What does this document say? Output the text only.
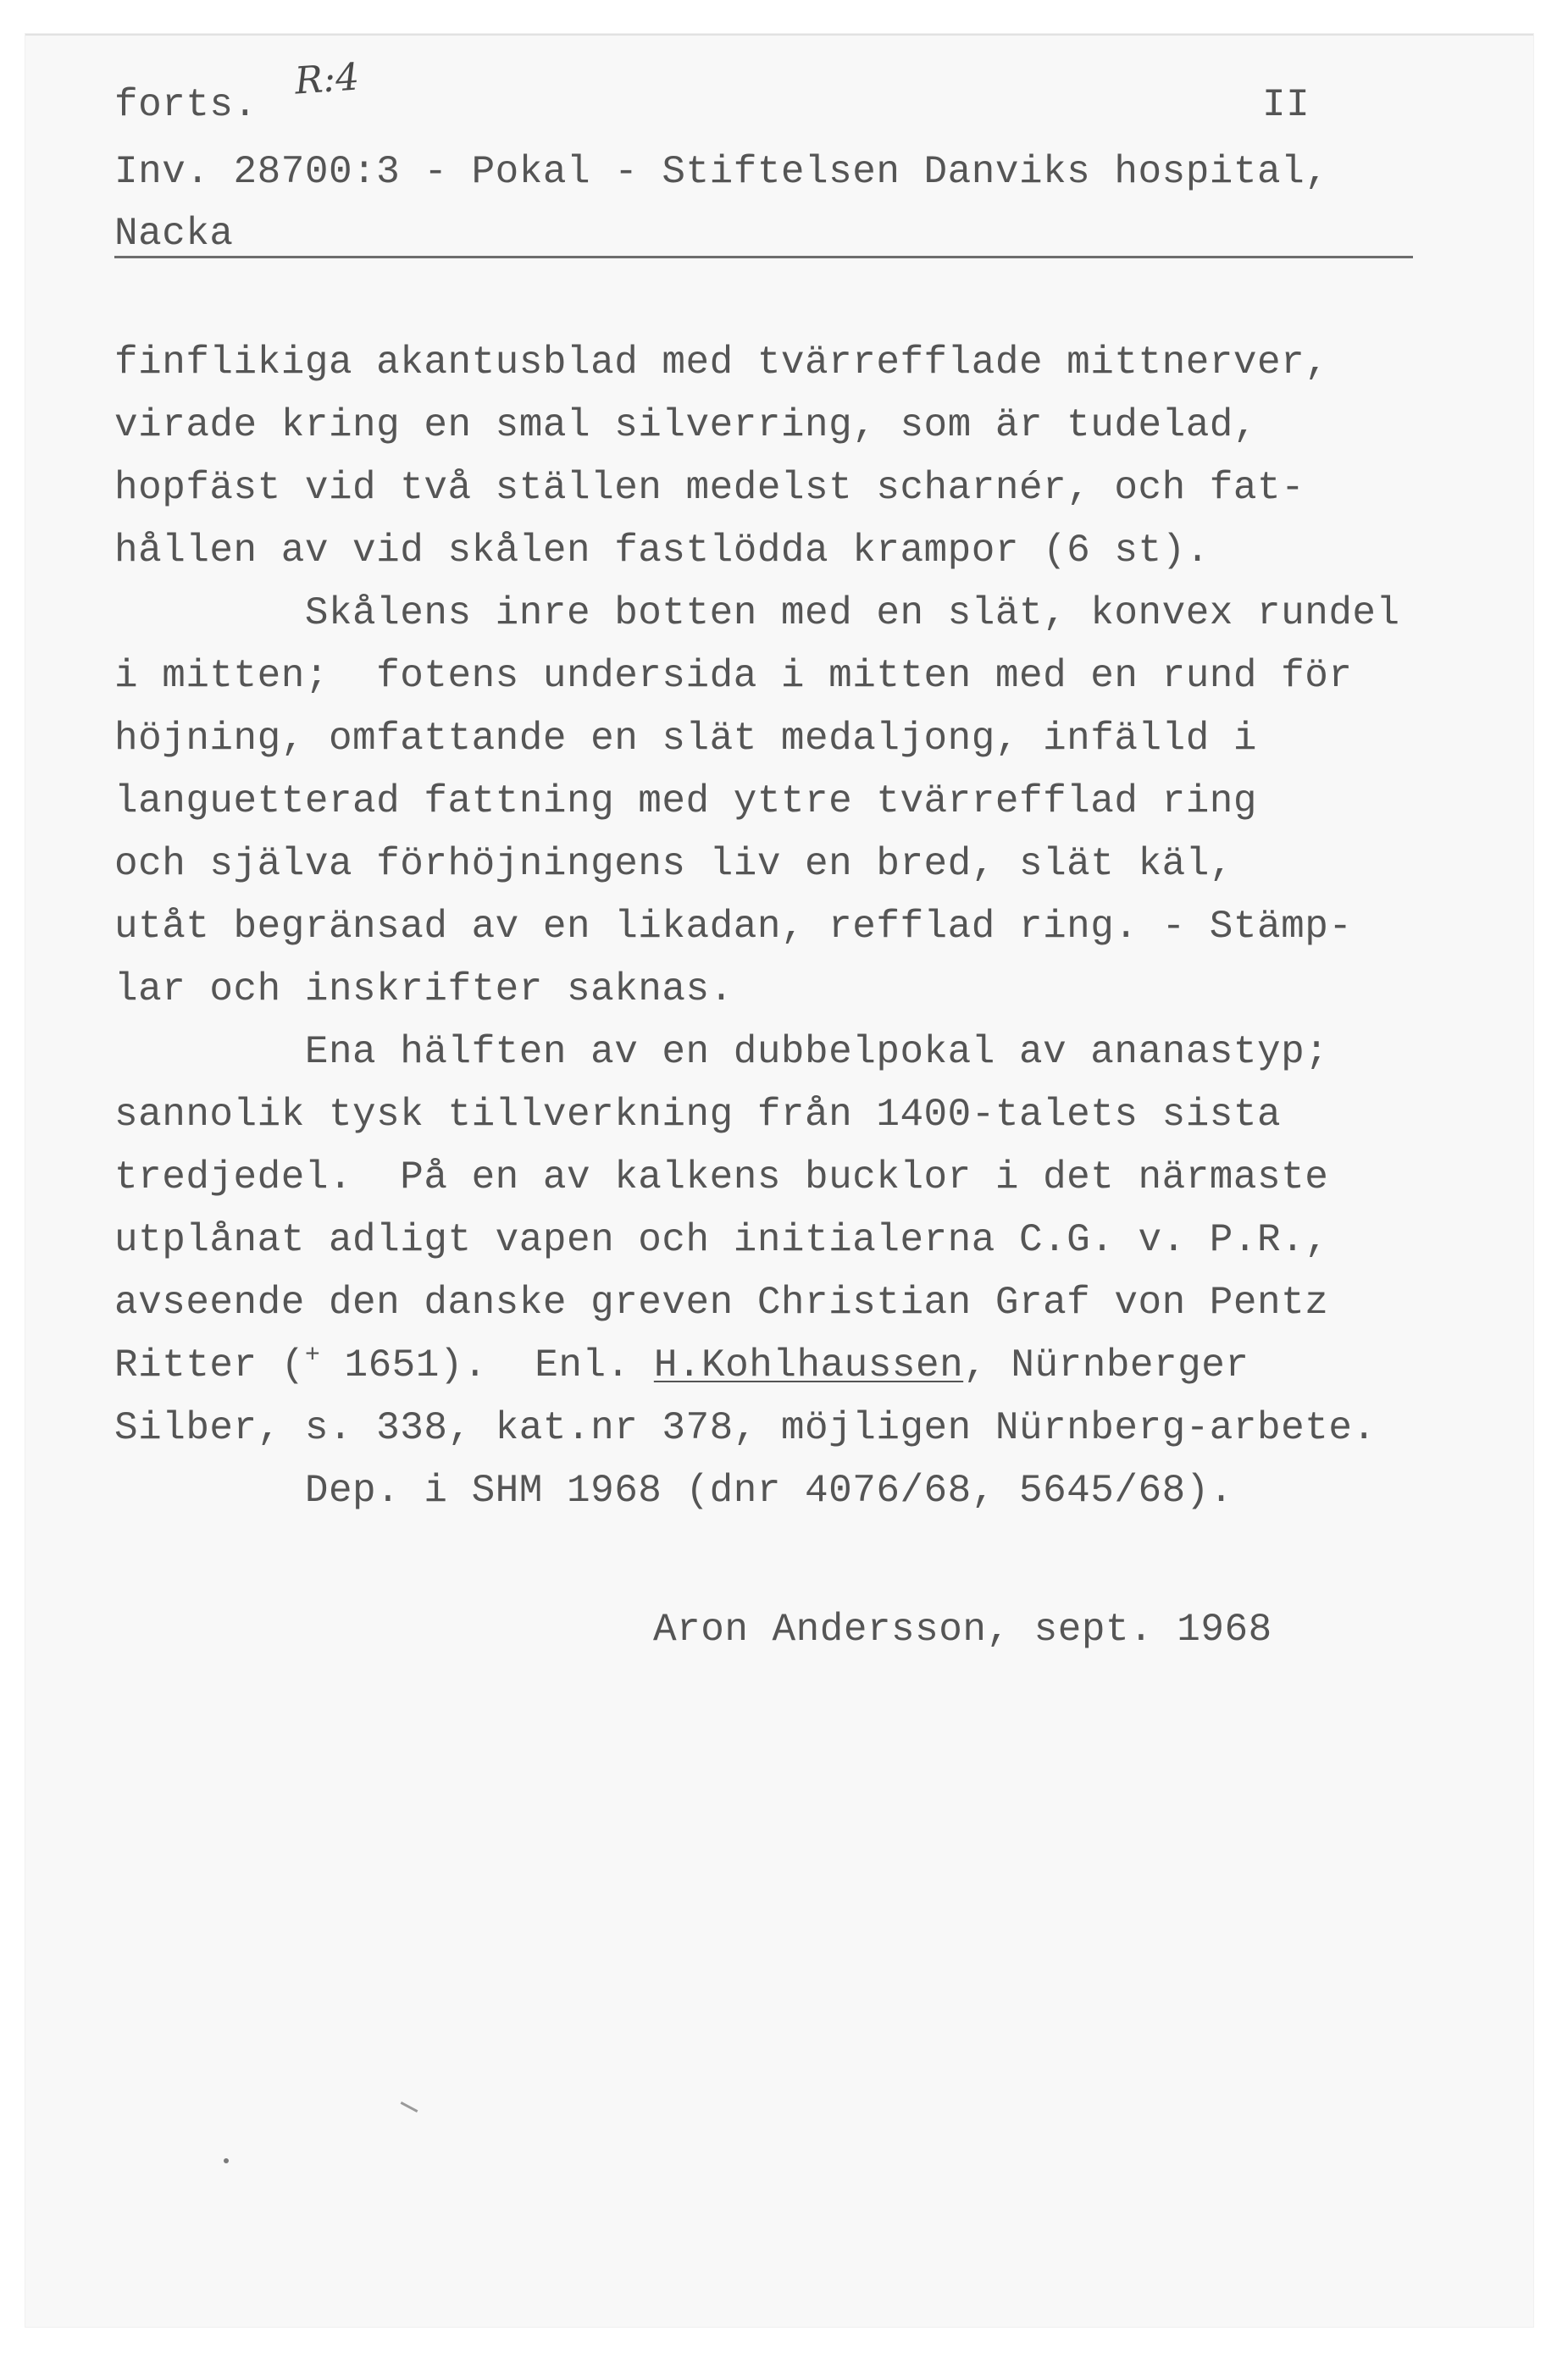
forts.
R:4
II
Inv. 28700:3 - Pokal - Stiftelsen Danviks hospital,
Nacka
finflikiga akantusblad med tvärrefflade mittnerver,
virade kring en smal silverring, som är tudelad,
hopfäst vid två ställen medelst scharnér, och fat-
hållen av vid skålen fastlödda krampor (6 st).
Skålens inre botten med en slät, konvex rundel
i mitten;  fotens undersida i mitten med en rund för
höjning, omfattande en slät medaljong, infälld i
languetterad fattning med yttre tvärrefflad ring
och själva förhöjningens liv en bred, slät käl,
utåt begränsad av en likadan, refflad ring. - Stämp-
lar och inskrifter saknas.
Ena hälften av en dubbelpokal av ananastyp;
sannolik tysk tillverkning från 1400-talets sista
tredjedel.  På en av kalkens bucklor i det närmaste
utplånat adligt vapen och initialerna C.G. v. P.R.,
avseende den danske greven Christian Graf von Pentz
Ritter (+ 1651).  Enl. H.Kohlhaussen, Nürnberger
Silber, s. 338, kat.nr 378, möjligen Nürnberg-arbete.
Dep. i SHM 1968 (dnr 4076/68, 5645/68).
Aron Andersson, sept. 1968
